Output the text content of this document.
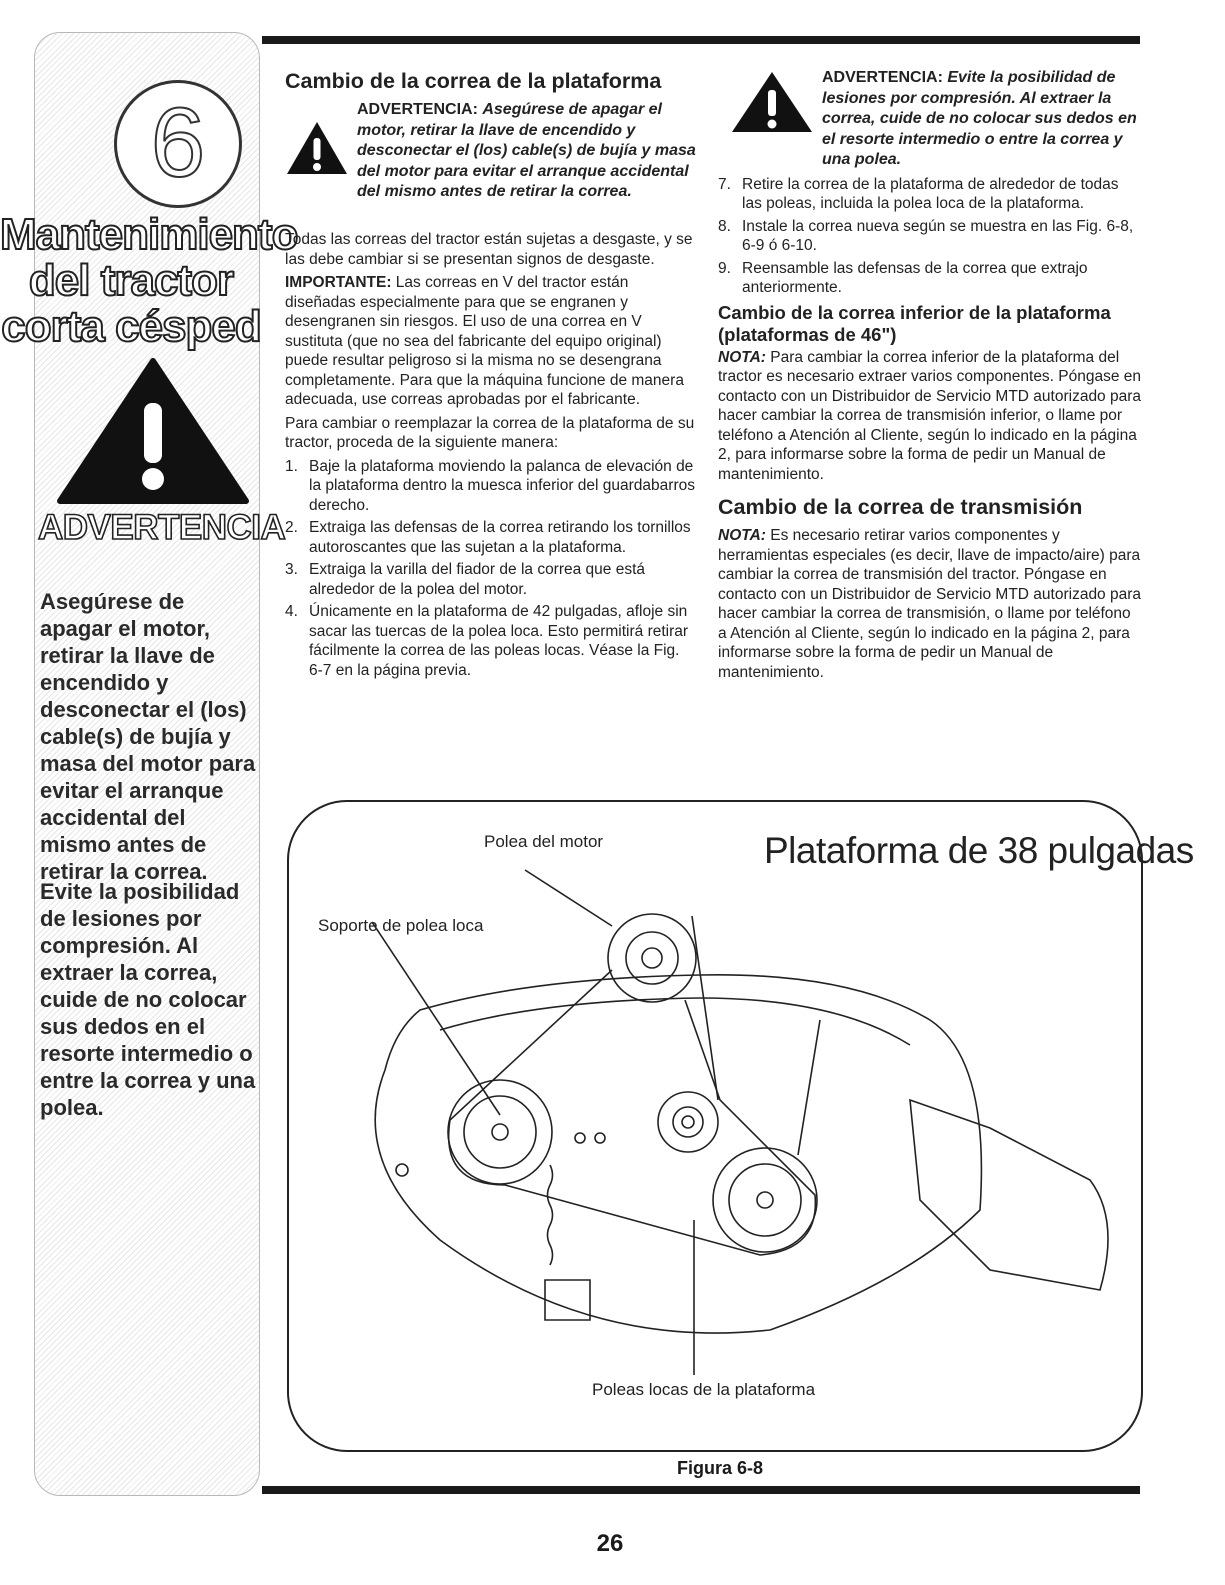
6
Mantenimiento
del tractor
corta césped
ADVERTENCIA
Asegúrese de apagar el motor, retirar la llave de encendido y desconectar el (los) cable(s) de bujía y masa del motor para evitar el arranque accidental del mismo antes de retirar la correa.
Evite la posibilidad de lesiones por compresión. Al extraer la correa, cuide de no colocar sus dedos en el resorte intermedio o entre la correa y una polea.
Cambio de la correa de la plataforma
ADVERTENCIA: Asegúrese de apagar el motor, retirar la llave de encendido y desconectar el (los) cable(s) de bujía y masa del motor para evitar el arranque accidental del mismo antes de retirar la correa.

Todas las correas del tractor están sujetas a desgaste, y se las debe cambiar si se presentan signos de desgaste.

IMPORTANTE: Las correas en V del tractor están diseñadas especialmente para que se engranen y desengranen sin riesgos. El uso de una correa en V sustituta (que no sea del fabricante del equipo original) puede resultar peligroso si la misma no se desengrana completamente. Para que la máquina funcione de manera adecuada, use correas aprobadas por el fabricante.

Para cambiar o reemplazar la correa de la plataforma de su tractor, proceda de la siguiente manera:

1. Baje la plataforma moviendo la palanca de elevación de la plataforma dentro la muesca inferior del guardabarros derecho.
2. Extraiga las defensas de la correa retirando los tornillos autoroscantes que las sujetan a la plataforma.
3. Extraiga la varilla del fiador de la correa que está alrededor de la polea del motor.
4. Únicamente en la plataforma de 42 pulgadas, afloje sin sacar las tuercas de la polea loca. Esto permitirá retirar fácilmente la correa de las poleas locas. Véase la Fig. 6-7 en la página previa.
ADVERTENCIA: Evite la posibilidad de lesiones por compresión. Al extraer la correa, cuide de no colocar sus dedos en el resorte intermedio o entre la correa y una polea.
7. Retire la correa de la plataforma de alrededor de todas las poleas, incluida la polea loca de la plataforma.
8. Instale la correa nueva según se muestra en las Fig. 6-8, 6-9 ó 6-10.
9. Reensamble las defensas de la correa que extrajo anteriormente.
Cambio de la correa inferior de la plataforma (plataformas de 46")

NOTA: Para cambiar la correa inferior de la plataforma del tractor es necesario extraer varios componentes. Póngase en contacto con un Distribuidor de Servicio MTD autorizado para hacer cambiar la correa de transmisión inferior, o llame por teléfono a Atención al Cliente, según lo indicado en la página 2, para informarse sobre la forma de pedir un Manual de mantenimiento.

Cambio de la correa de transmisión

NOTA: Es necesario retirar varios componentes y herramientas especiales (es decir, llave de impacto/aire) para cambiar la correa de transmisión del tractor. Póngase en contacto con un Distribuidor de Servicio MTD autorizado para hacer cambiar la correa de transmisión, o llame por teléfono a Atención al Cliente, según lo indicado en la página 2, para informarse sobre la forma de pedir un Manual de mantenimiento.

Plataforma de 38 pulgadas
Polea del motor
Soporte de polea loca
Poleas locas de la plataforma
Figura 6-8
26
